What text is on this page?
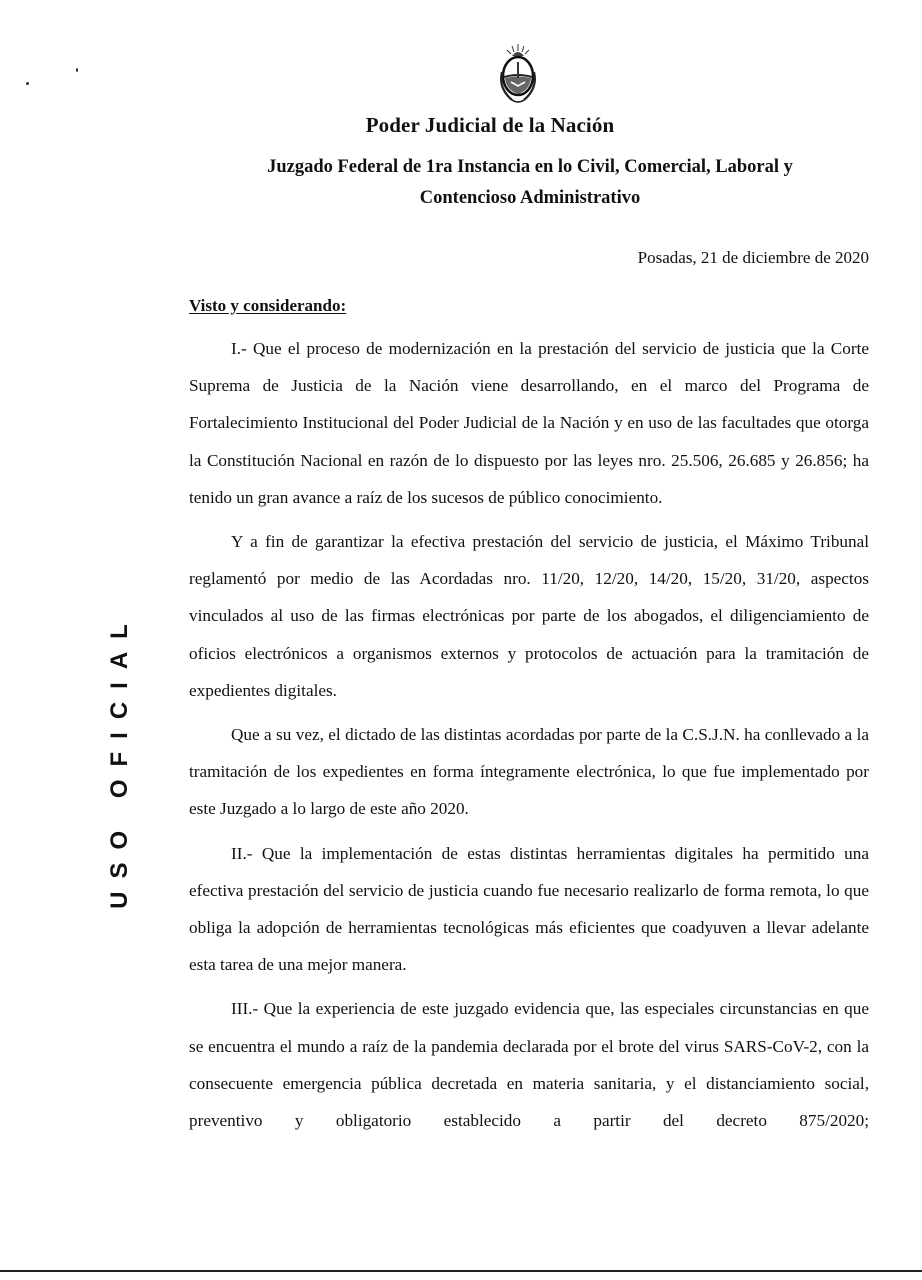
Poder Judicial de la Nación
Juzgado Federal de 1ra Instancia en lo Civil, Comercial, Laboral y
Contencioso Administrativo
Posadas, 21 de diciembre de 2020
Visto y considerando:

I.- Que el proceso de modernización en la prestación del servicio de justicia que la Corte Suprema de Justicia de la Nación viene desarrollando, en el marco del Programa de Fortalecimiento Institucional del Poder Judicial de la Nación y en uso de las facultades que otorga la Constitución Nacional en razón de lo dispuesto por las leyes nro. 25.506, 26.685 y 26.856; ha tenido un gran avance a raíz de los sucesos de público conocimiento.

Y a fin de garantizar la efectiva prestación del servicio de justicia, el Máximo Tribunal reglamentó por medio de las Acordadas nro. 11/20, 12/20, 14/20, 15/20, 31/20, aspectos vinculados al uso de las firmas electrónicas por parte de los abogados, el diligenciamiento de oficios electrónicos a organismos externos y protocolos de actuación para la tramitación de expedientes digitales.

Que a su vez, el dictado de las distintas acordadas por parte de la C.S.J.N. ha conllevado a la tramitación de los expedientes en forma íntegramente electrónica, lo que fue implementado por este Juzgado a lo largo de este año 2020.

II.- Que la implementación de estas distintas herramientas digitales ha permitido una efectiva prestación del servicio de justicia cuando fue necesario realizarlo de forma remota, lo que obliga la adopción de herramientas tecnológicas más eficientes que coadyuven a llevar adelante esta tarea de una mejor manera.

III.- Que la experiencia de este juzgado evidencia que, las especiales circunstancias en que se encuentra el mundo a raíz de la pandemia declarada por el brote del virus SARS-CoV-2, con la consecuente emergencia pública decretada en materia sanitaria, y el distanciamiento social, preventivo y obligatorio establecido a partir del decreto 875/2020;

USO OFICIAL
